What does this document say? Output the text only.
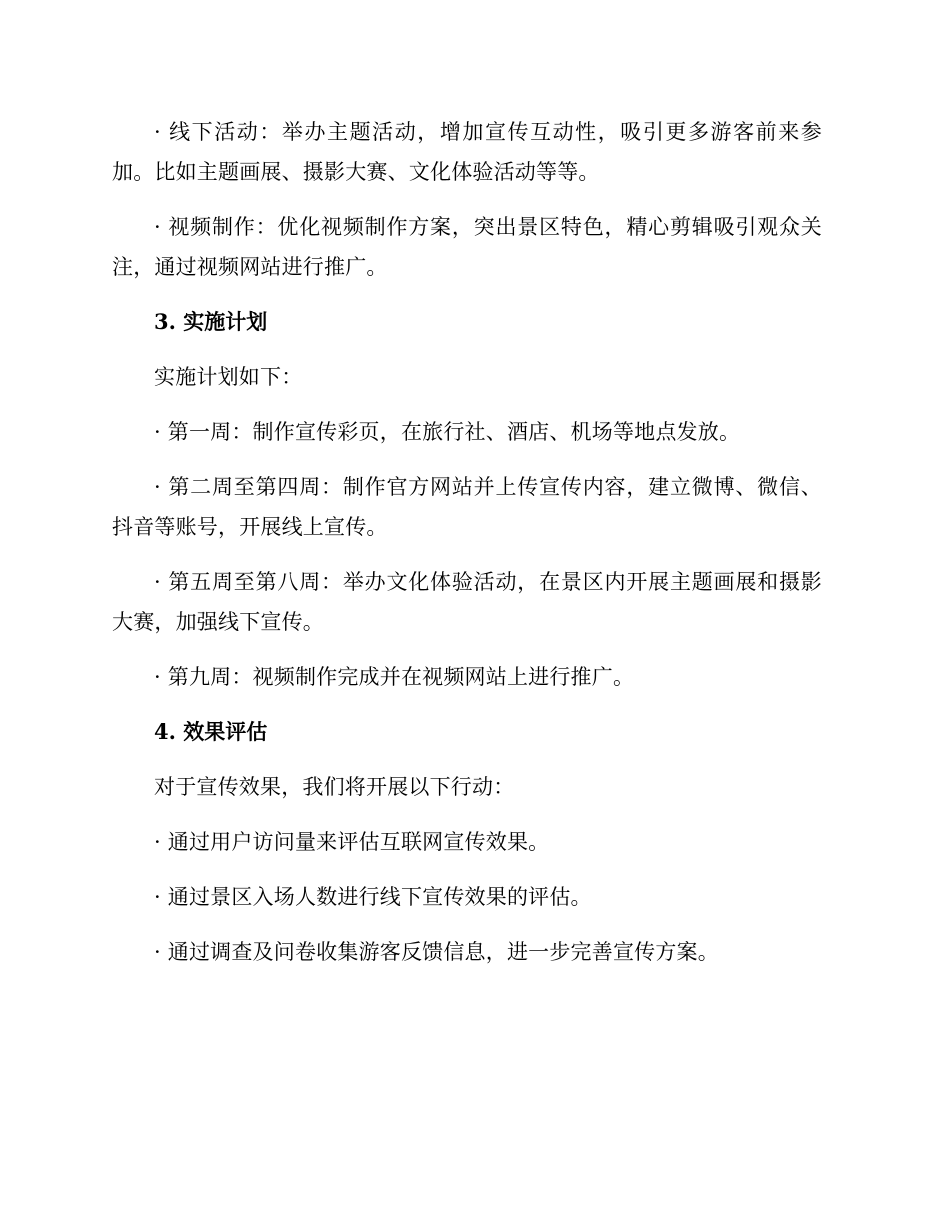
· 线下活动：举办主题活动，增加宣传互动性，吸引更多游客前来参加。比如主题画展、摄影大赛、文化体验活动等等。

· 视频制作：优化视频制作方案，突出景区特色，精心剪辑吸引观众关注，通过视频网站进行推广。

3. 实施计划

实施计划如下：

· 第一周：制作宣传彩页，在旅行社、酒店、机场等地点发放。

· 第二周至第四周：制作官方网站并上传宣传内容，建立微博、微信、抖音等账号，开展线上宣传。

· 第五周至第八周：举办文化体验活动，在景区内开展主题画展和摄影大赛，加强线下宣传。

· 第九周：视频制作完成并在视频网站上进行推广。

4. 效果评估

对于宣传效果，我们将开展以下行动：

· 通过用户访问量来评估互联网宣传效果。

· 通过景区入场人数进行线下宣传效果的评估。

· 通过调查及问卷收集游客反馈信息，进一步完善宣传方案。
